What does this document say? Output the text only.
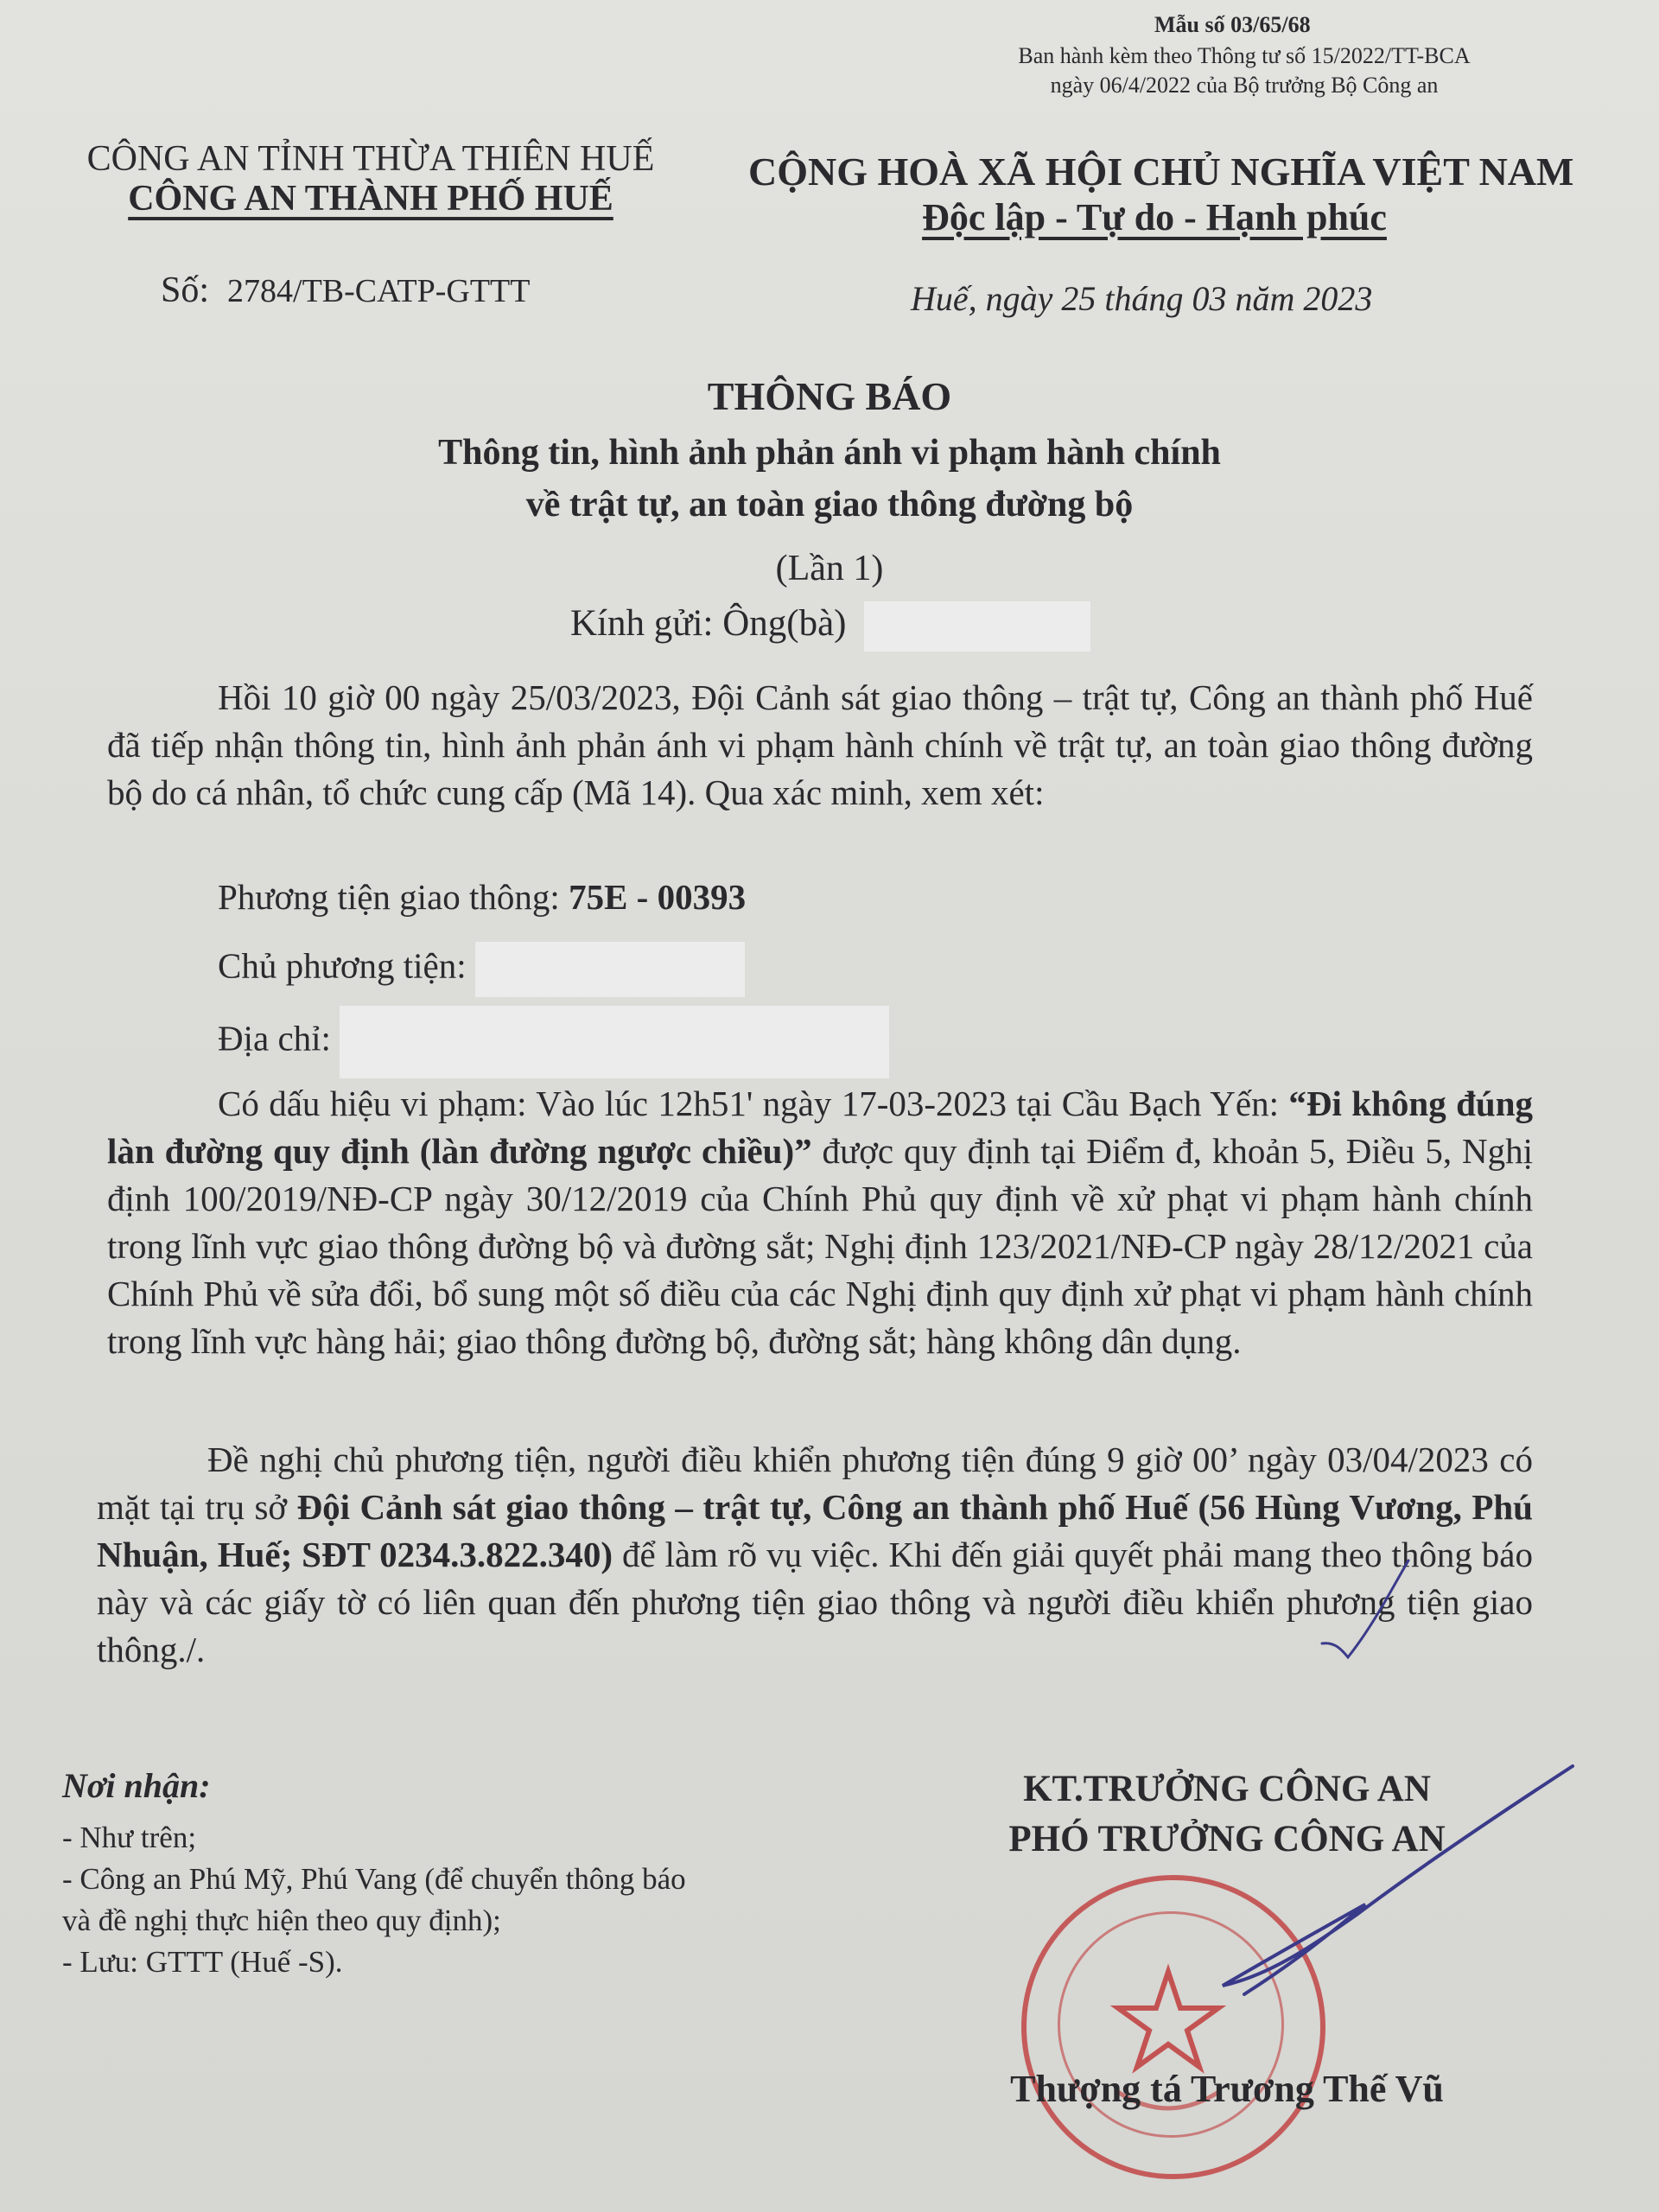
Mẫu số 03/65/68
Ban hành kèm theo Thông tư số 15/2022/TT-BCA
ngày 06/4/2022 của Bộ trưởng Bộ Công an
CÔNG AN TỈNH THỪA THIÊN HUẾ
CÔNG AN THÀNH PHỐ HUẾ
CỘNG HOÀ XÃ HỘI CHỦ NGHĨA VIỆT NAM
Độc lập - Tự do - Hạnh phúc
Số: 2784/TB-CATP-GTTT	Huế, ngày 25 tháng 03 năm 2023
THÔNG BÁO
Thông tin, hình ảnh phản ánh vi phạm hành chính
về trật tự, an toàn giao thông đường bộ
(Lần 1)
Kính gửi: Ông(bà)
Hồi 10 giờ 00 ngày 25/03/2023, Đội Cảnh sát giao thông – trật tự, Công an thành phố Huế đã tiếp nhận thông tin, hình ảnh phản ánh vi phạm hành chính về trật tự, an toàn giao thông đường bộ do cá nhân, tổ chức cung cấp (Mã 14). Qua xác minh, xem xét:
Phương tiện giao thông: 75E - 00393
Chủ phương tiện:
Địa chỉ:
Có dấu hiệu vi phạm: Vào lúc 12h51' ngày 17-03-2023 tại Cầu Bạch Yến: “Đi không đúng làn đường quy định (làn đường ngược chiều)” được quy định tại Điểm đ, khoản 5, Điều 5, Nghị định 100/2019/NĐ-CP ngày 30/12/2019 của Chính Phủ quy định về xử phạt vi phạm hành chính trong lĩnh vực giao thông đường bộ và đường sắt; Nghị định 123/2021/NĐ-CP ngày 28/12/2021 của Chính Phủ về sửa đổi, bổ sung một số điều của các Nghị định quy định xử phạt vi phạm hành chính trong lĩnh vực hàng hải; giao thông đường bộ, đường sắt; hàng không dân dụng.
Đề nghị chủ phương tiện, người điều khiển phương tiện đúng 9 giờ 00’ ngày 03/04/2023 có mặt tại trụ sở Đội Cảnh sát giao thông – trật tự, Công an thành phố Huế (56 Hùng Vương, Phú Nhuận, Huế; SĐT 0234.3.822.340) để làm rõ vụ việc. Khi đến giải quyết phải mang theo thông báo này và các giấy tờ có liên quan đến phương tiện giao thông và người điều khiển phương tiện giao thông./.
Nơi nhận:
- Như trên;
- Công an Phú Mỹ, Phú Vang (để chuyển thông báo
và đề nghị thực hiện theo quy định);
- Lưu: GTTT (Huế -S).
KT.TRƯỞNG CÔNG AN
PHÓ TRƯỞNG CÔNG AN
Thượng tá Trương Thế Vũ
